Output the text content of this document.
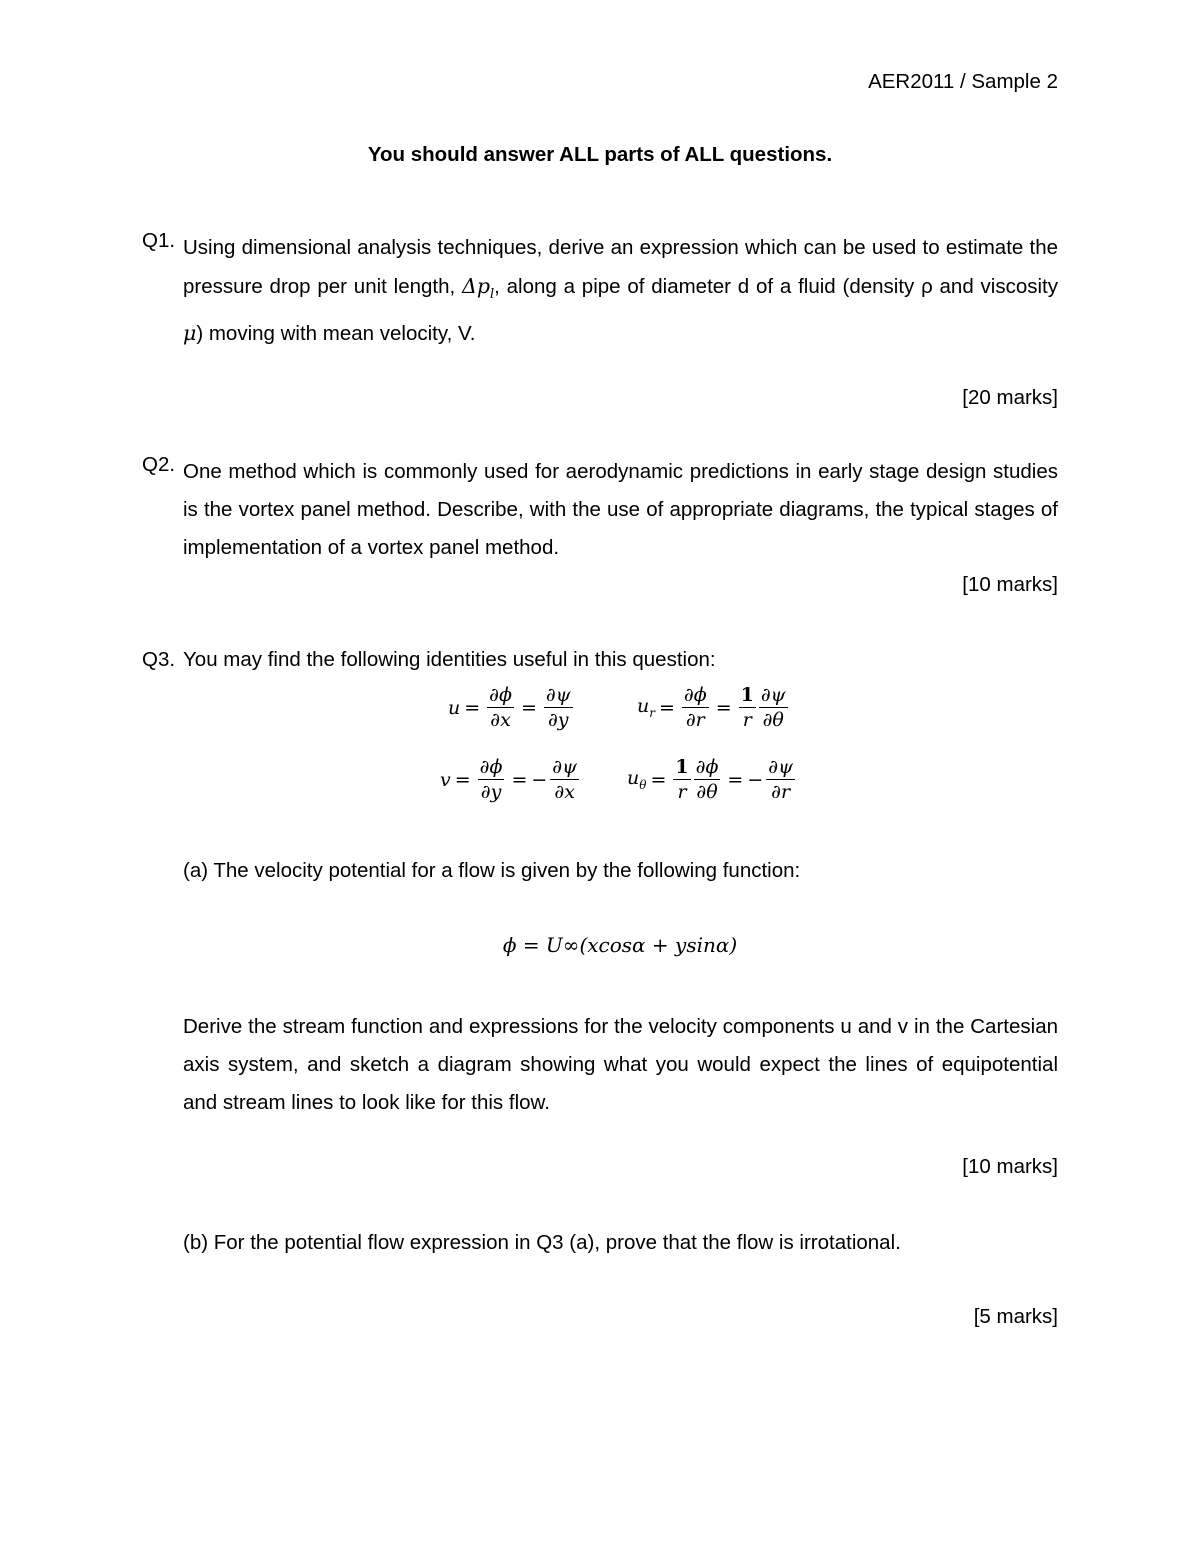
AER2011 / Sample 2
You should answer ALL parts of ALL questions.
Q1. Using dimensional analysis techniques, derive an expression which can be used to estimate the pressure drop per unit length, $\Delta p_l$, along a pipe of diameter d of a fluid (density ρ and viscosity μ) moving with mean velocity, V.
[20 marks]
Q2. One method which is commonly used for aerodynamic predictions in early stage design studies is the vortex panel method. Describe, with the use of appropriate diagrams, the typical stages of implementation of a vortex panel method.
[10 marks]
Q3. You may find the following identities useful in this question:
$u = \frac{\partial\phi}{\partial x} = \frac{\partial\psi}{\partial y}$	$u_r = \frac{\partial\phi}{\partial r} = \frac{1}{r} \frac{\partial\psi}{\partial\theta}$
$v = \frac{\partial\phi}{\partial y}$ = − $\frac{\partial\psi}{\partial x}$	$u_\theta = \frac{1}{r} \frac{\partial\phi}{\partial\theta}$ = − $\frac{\partial\psi}{\partial r}$
(a) The velocity potential for a flow is given by the following function:
ϕ = U∞(xcosα + ysinα)
Derive the stream function and expressions for the velocity components u and v in the Cartesian axis system, and sketch a diagram showing what you would expect the lines of equipotential and stream lines to look like for this flow.
[10 marks]
(b) For the potential flow expression in Q3 (a), prove that the flow is irrotational.
[5 marks]
